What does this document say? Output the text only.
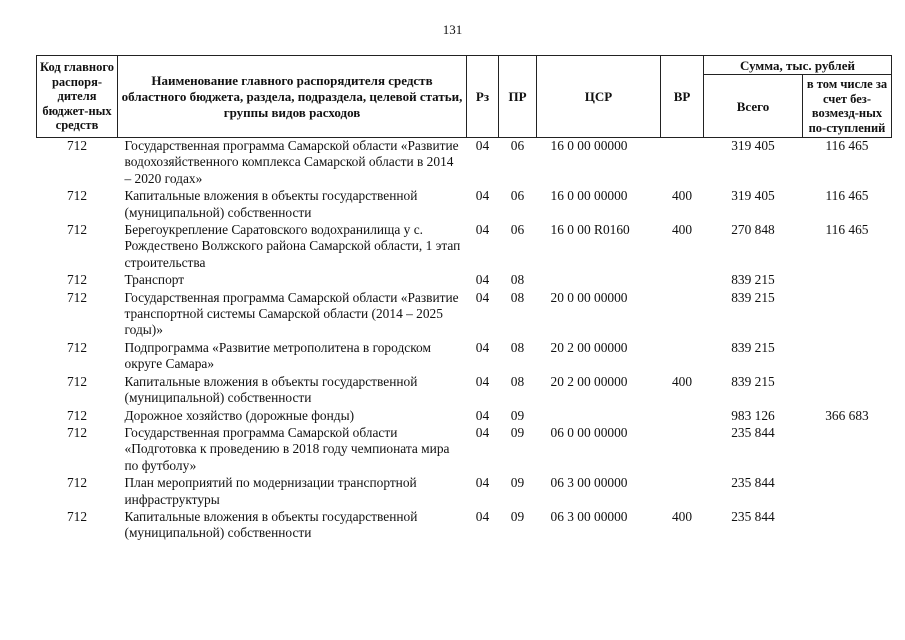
131
Код главного распоря-дителя бюджет-ных средств	Наименование главного распорядителя средств областного бюджета, раздела, подраздела, целевой статьи, группы видов расходов	Рз	ПР	ЦСР	ВР	Сумма, тыс. рублей	
						Всего	в том числе за счет без-возмезд-ных по-ступлений
712	Государственная программа Самарской области «Развитие водохозяйственного комплекса Самарской области в 2014 – 2020 годах»	04	06	16 0 00 00000		319 405	116 465
712	Капитальные вложения в объекты государственной (муниципальной) собственности	04	06	16 0 00 00000	400	319 405	116 465
712	Берегоукрепление Саратовского водохранилища у с. Рождествено Волжского района Самарской области, 1 этап строительства	04	06	16 0 00 R0160	400	270 848	116 465
712	Транспорт	04	08			839 215	
712	Государственная программа Самарской области «Развитие транспортной системы Самарской области (2014 – 2025 годы)»	04	08	20 0 00 00000		839 215	
712	Подпрограмма «Развитие метрополитена в городском округе Самара»	04	08	20 2 00 00000		839 215	
712	Капитальные вложения в объекты государственной (муниципальной) собственности	04	08	20 2 00 00000	400	839 215	
712	Дорожное хозяйство (дорожные фонды)	04	09			983 126	366 683
712	Государственная программа Самарской области «Подготовка к проведению в 2018 году чемпионата мира по футболу»	04	09	06 0 00 00000		235 844	
712	План мероприятий по модернизации транспортной инфраструктуры	04	09	06 3 00 00000		235 844	
712	Капитальные вложения в объекты государственной (муниципальной) собственности	04	09	06 3 00 00000	400	235 844	
